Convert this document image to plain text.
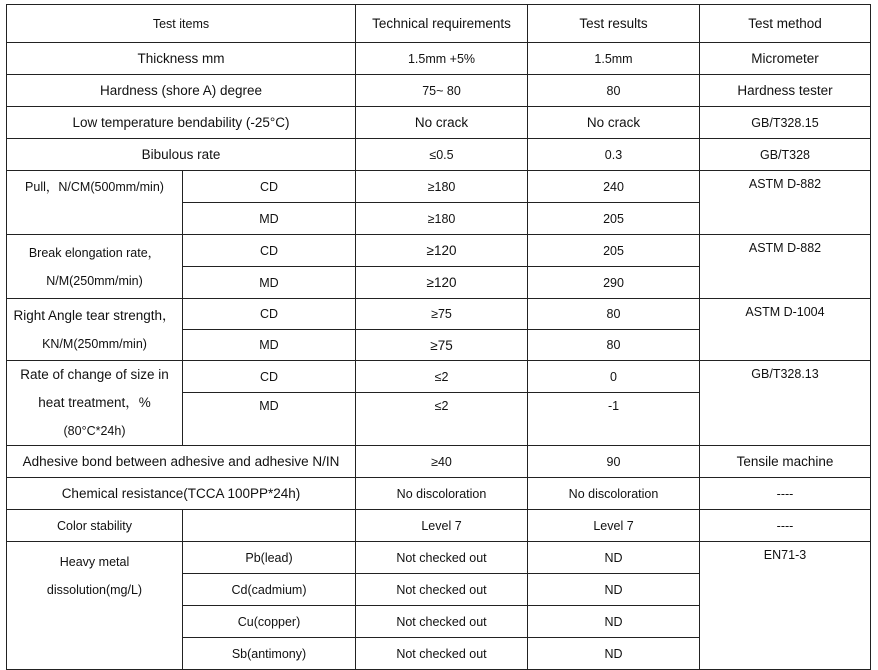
Test items		Technical requirements	Test results	Test method
Thickness mm		1.5mm +5%	1.5mm	Micrometer
Hardness (shore A) degree		75~ 80	80	Hardness tester
Low temperature bendability (-25°C)		No crack	No crack	GB/T328.15
Bibulous rate		≤0.5	0.3	GB/T328
Pull，N/CM(500mm/min)	CD	≥180	240	ASTM D-882
	MD	≥180	205	
Break elongation rate，
N/M(250mm/min)	CD	≥120	205	ASTM D-882
	MD	≥120	290	
Right Angle tear strength，
KN/M(250mm/min)	CD	≥75	80	ASTM D-1004
	MD	≥75	80	
Rate of change of size in
heat treatment，%
(80°C*24h)	CD	≤2	0	GB/T328.13
	MD	≤2	-1	

Adhesive bond between adhesive and adhesive N/IN		≥40	90	Tensile machine
Chemical resistance(TCCA 100PP*24h)		No discoloration	No discoloration	----
Color stability		Level 7	Level 7	----
Heavy metal
dissolution(mg/L)	Pb(lead)	Not checked out	ND	EN71-3
	Cd(cadmium)	Not checked out	ND	
	Cu(copper)	Not checked out	ND	
	Sb(antimony)	Not checked out	ND	
